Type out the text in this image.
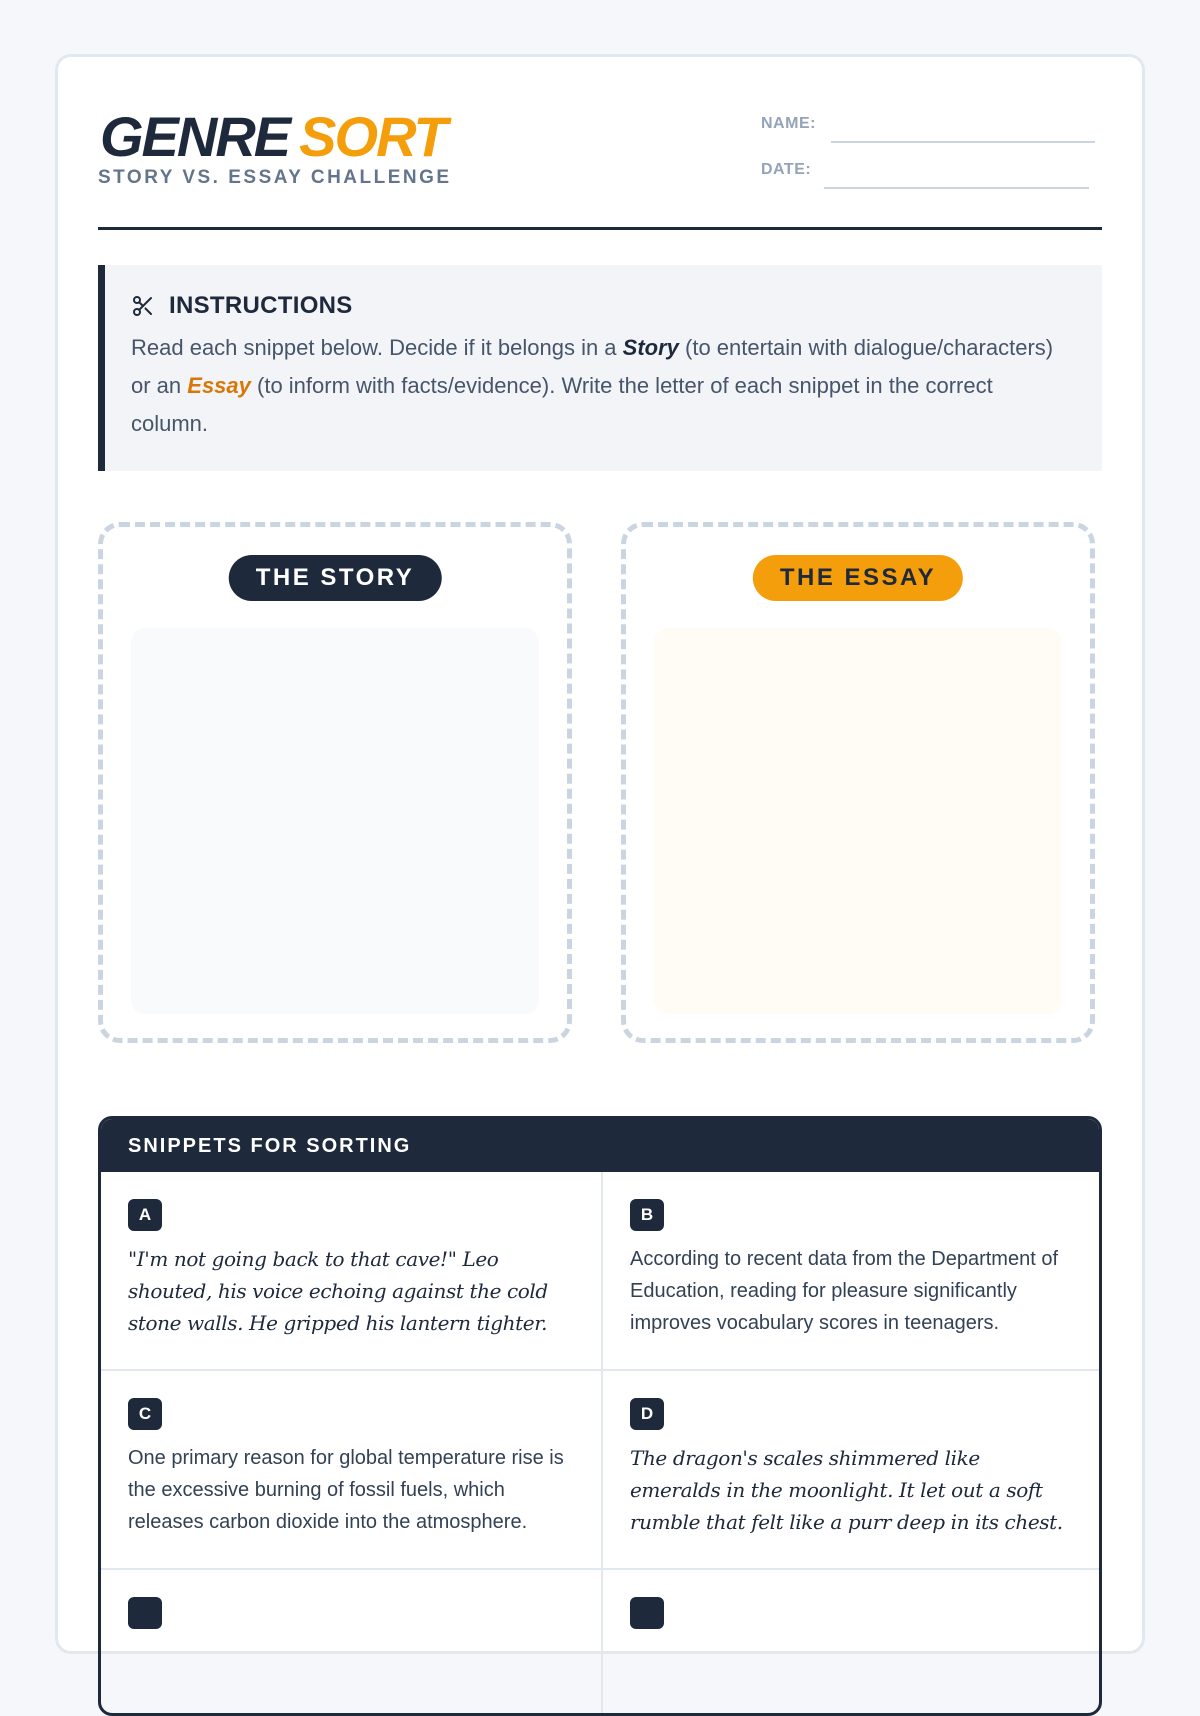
GENRE SORT
STORY VS. ESSAY CHALLENGE
NAME:
DATE:
INSTRUCTIONS
Read each snippet below. Decide if it belongs in a Story (to entertain with dialogue/characters) or an Essay (to inform with facts/evidence). Write the letter of each snippet in the correct column.
THE STORY	THE ESSAY
SNIPPETS FOR SORTING
A
"I'm not going back to that cave!" Leo shouted, his voice echoing against the cold stone walls. He gripped his lantern tighter.
B
According to recent data from the Department of Education, reading for pleasure significantly improves vocabulary scores in teenagers.
C
One primary reason for global temperature rise is the excessive burning of fossil fuels, which releases carbon dioxide into the atmosphere.
D
The dragon's scales shimmered like emeralds in the moonlight. It let out a soft rumble that felt like a purr deep in its chest.
